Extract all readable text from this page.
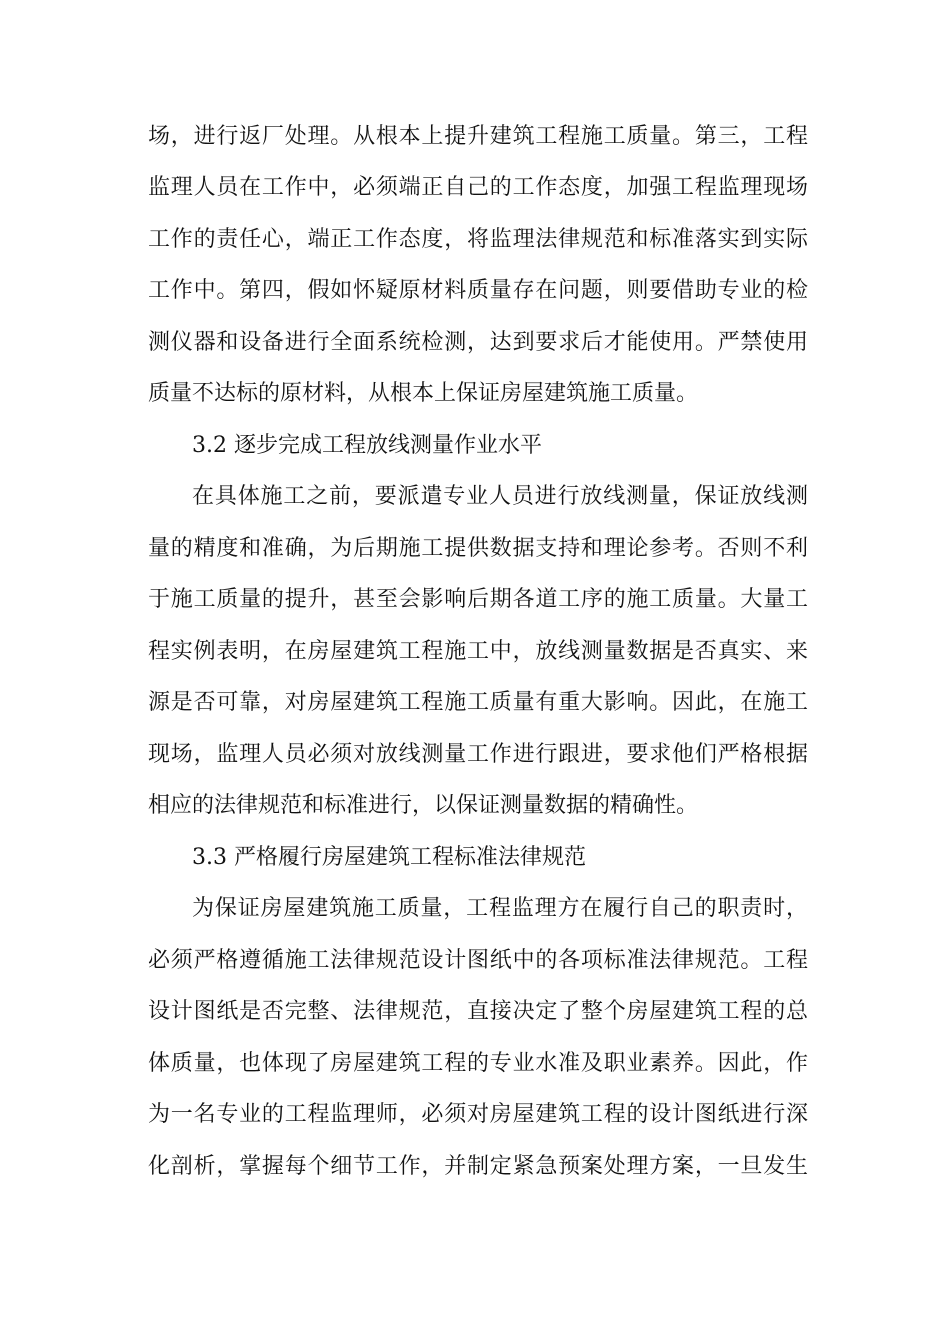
场，进行返厂处理。从根本上提升建筑工程施工质量。第三，工程
监理人员在工作中，必须端正自己的工作态度，加强工程监理现场
工作的责任心，端正工作态度，将监理法律规范和标准落实到实际
工作中。第四，假如怀疑原材料质量存在问题，则要借助专业的检
测仪器和设备进行全面系统检测，达到要求后才能使用。严禁使用
质量不达标的原材料，从根本上保证房屋建筑施工质量。
3.2 逐步完成工程放线测量作业水平
在具体施工之前，要派遣专业人员进行放线测量，保证放线测
量的精度和准确，为后期施工提供数据支持和理论参考。否则不利
于施工质量的提升，甚至会影响后期各道工序的施工质量。大量工
程实例表明，在房屋建筑工程施工中，放线测量数据是否真实、来
源是否可靠，对房屋建筑工程施工质量有重大影响。因此，在施工
现场，监理人员必须对放线测量工作进行跟进，要求他们严格根据
相应的法律规范和标准进行，以保证测量数据的精确性。
3.3 严格履行房屋建筑工程标准法律规范
为保证房屋建筑施工质量，工程监理方在履行自己的职责时，
必须严格遵循施工法律规范设计图纸中的各项标准法律规范。工程
设计图纸是否完整、法律规范，直接决定了整个房屋建筑工程的总
体质量，也体现了房屋建筑工程的专业水准及职业素养。因此，作
为一名专业的工程监理师，必须对房屋建筑工程的设计图纸进行深
化剖析，掌握每个细节工作，并制定紧急预案处理方案，一旦发生
